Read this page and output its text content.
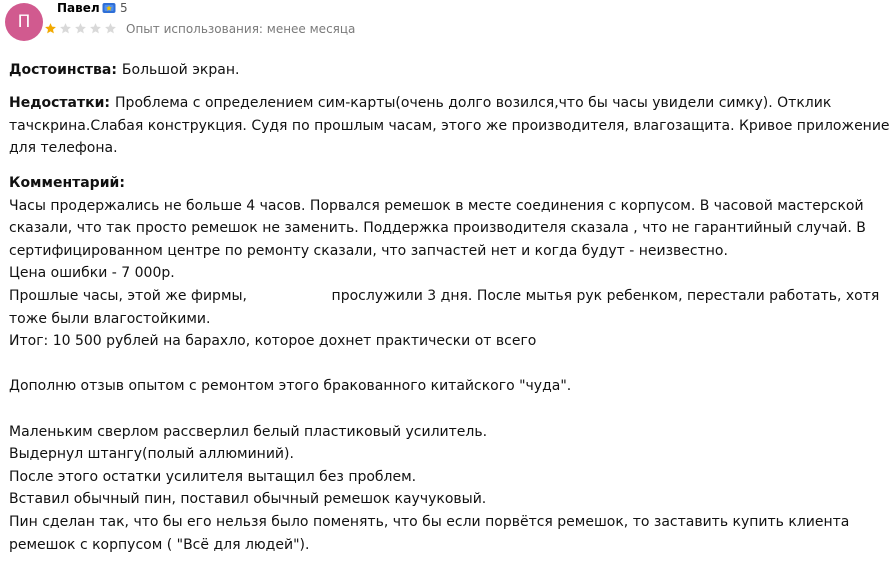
П
Павел 5
Опыт использования: менее месяца
Достоинства: Большой экран.
Недостатки: Проблема с определением сим-карты(очень долго возился,что бы часы увидели симку). Отклик
тачскрина.Слабая конструкция. Судя по прошлым часам, этого же производителя, влагозащита. Кривое приложение
для телефона.
Комментарий:
Часы продержались не больше 4 часов. Порвался ремешок в месте соединения с корпусом. В часовой мастерской
сказали, что так просто ремешок не заменить. Поддержка производителя сказала , что не гарантийный случай. В
сертифицированном центре по ремонту сказали, что запчастей нет и когда будут - неизвестно.
Цена ошибки - 7 000р.
Прошлые часы, этой же фирмы,                   прослужили 3 дня. После мытья рук ребенком, перестали работать, хотя
тоже были влагостойкими.
Итог: 10 500 рублей на барахло, которое дохнет практически от всего
Дополню отзыв опытом с ремонтом этого бракованного китайского "чуда".
Маленьким сверлом рассверлил белый пластиковый усилитель.
Выдернул штангу(полый аллюминий).
После этого остатки усилителя вытащил без проблем.
Вставил обычный пин, поставил обычный ремешок каучуковый.
Пин сделан так, что бы его нельзя было поменять, что бы если порвётся ремешок, то заставить купить клиента
ремешок с корпусом ( "Всё для людей").
